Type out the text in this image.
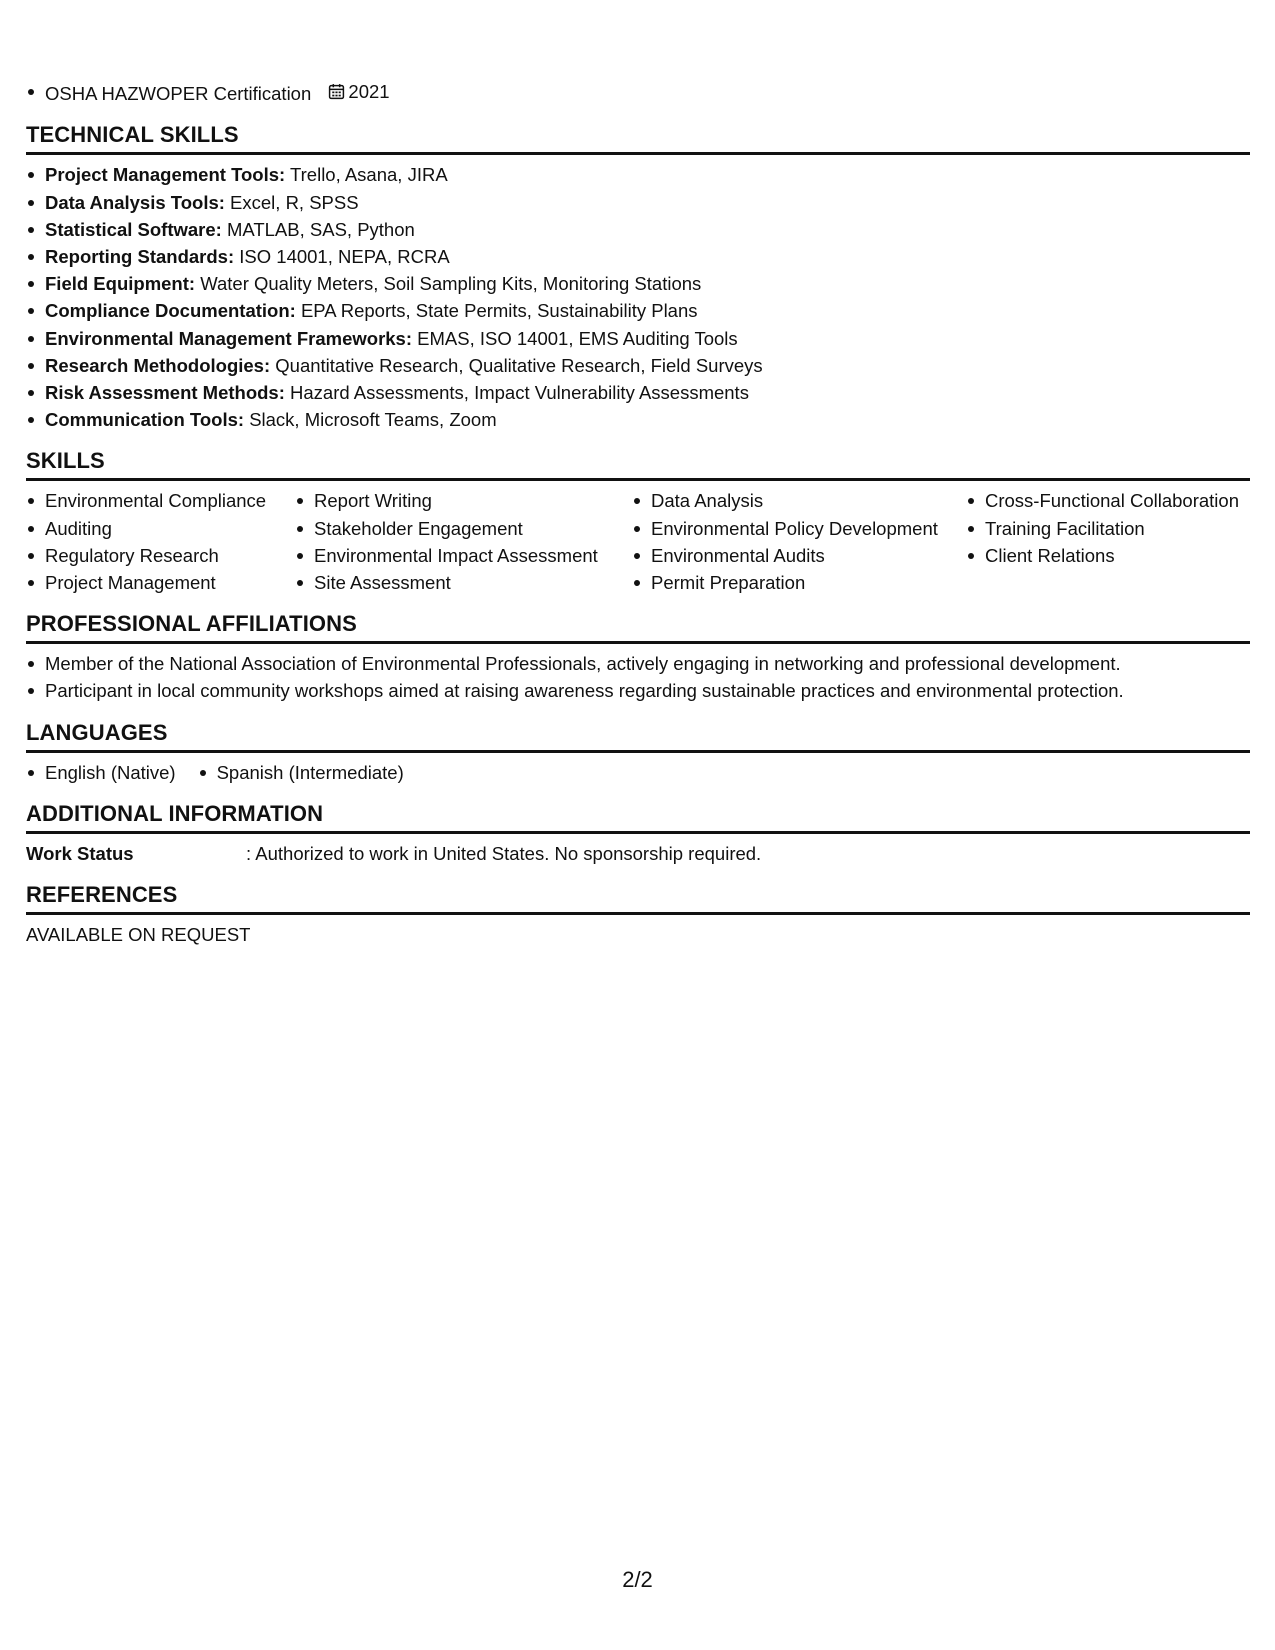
OSHA HAZWOPER Certification 2021
TECHNICAL SKILLS
Project Management Tools: Trello, Asana, JIRA
Data Analysis Tools: Excel, R, SPSS
Statistical Software: MATLAB, SAS, Python
Reporting Standards: ISO 14001, NEPA, RCRA
Field Equipment: Water Quality Meters, Soil Sampling Kits, Monitoring Stations
Compliance Documentation: EPA Reports, State Permits, Sustainability Plans
Environmental Management Frameworks: EMAS, ISO 14001, EMS Auditing Tools
Research Methodologies: Quantitative Research, Qualitative Research, Field Surveys
Risk Assessment Methods: Hazard Assessments, Impact Vulnerability Assessments
Communication Tools: Slack, Microsoft Teams, Zoom
SKILLS
Environmental Compliance
Auditing
Regulatory Research
Project Management
Report Writing
Stakeholder Engagement
Environmental Impact Assessment
Site Assessment
Data Analysis
Environmental Policy Development
Environmental Audits
Permit Preparation
Cross-Functional Collaboration
Training Facilitation
Client Relations
PROFESSIONAL AFFILIATIONS
Member of the National Association of Environmental Professionals, actively engaging in networking and professional development.
Participant in local community workshops aimed at raising awareness regarding sustainable practices and environmental protection.
LANGUAGES
English (Native)	Spanish (Intermediate)
ADDITIONAL INFORMATION
Work Status	: Authorized to work in United States. No sponsorship required.
REFERENCES
AVAILABLE ON REQUEST
2/2
